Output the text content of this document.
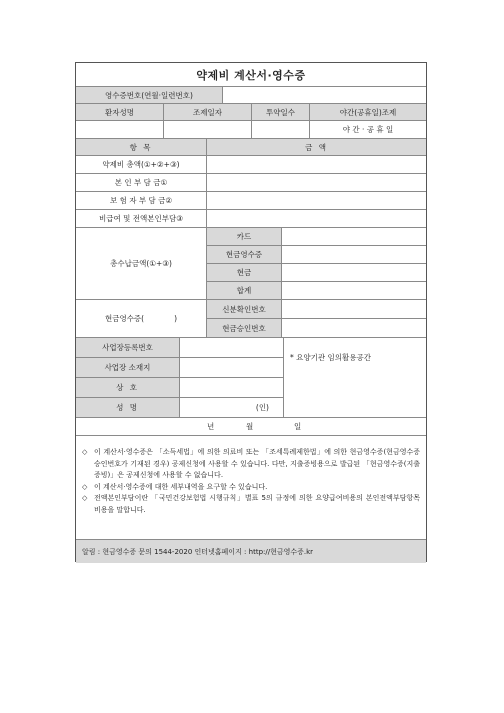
약제비 계산서·영수증
영수증번호(연월·일련번호)
환자성명	조제일자	투약일수	야간(공휴일)조제
야 간 · 공 휴 일
항 목	금 액
약제비 총액(①+②+③)
본 인 부 담 금①
보 험 자 부 담 금②
비급여 및 전액본인부담③
총수납금액(①+③)
카드
현금영수증
현금
합계
현금영수증(　　　　)
신분확인번호
현금승인번호
사업장등록번호
사업장 소재지
상 호
성 명	(인)
* 요양기관 임의활용공간
년	월	일
◇ 이 계산서·영수증은 「소득세법」에 의한 의료비 또는 「조세특례제한법」에 의한 현금영수증(현금영수증 승인번호가 기재된 경우) 공제신청에 사용할 수 있습니다. 다만, 지출증빙용으로 발급된 「현금영수증(지출증빙)」은 공제신청에 사용할 수 없습니다.
◇ 이 계산서·영수증에 대한 세부내역을 요구할 수 있습니다.
◇ 전액본인부담이란 「국민건강보험법 시행규칙」별표 5의 규정에 의한 요양급여비용의 본인전액부담항목 비용을 말합니다.
알림 : 현금영수증 문의 1544-2020 인터넷홈페이지 : http://현금영수증.kr
